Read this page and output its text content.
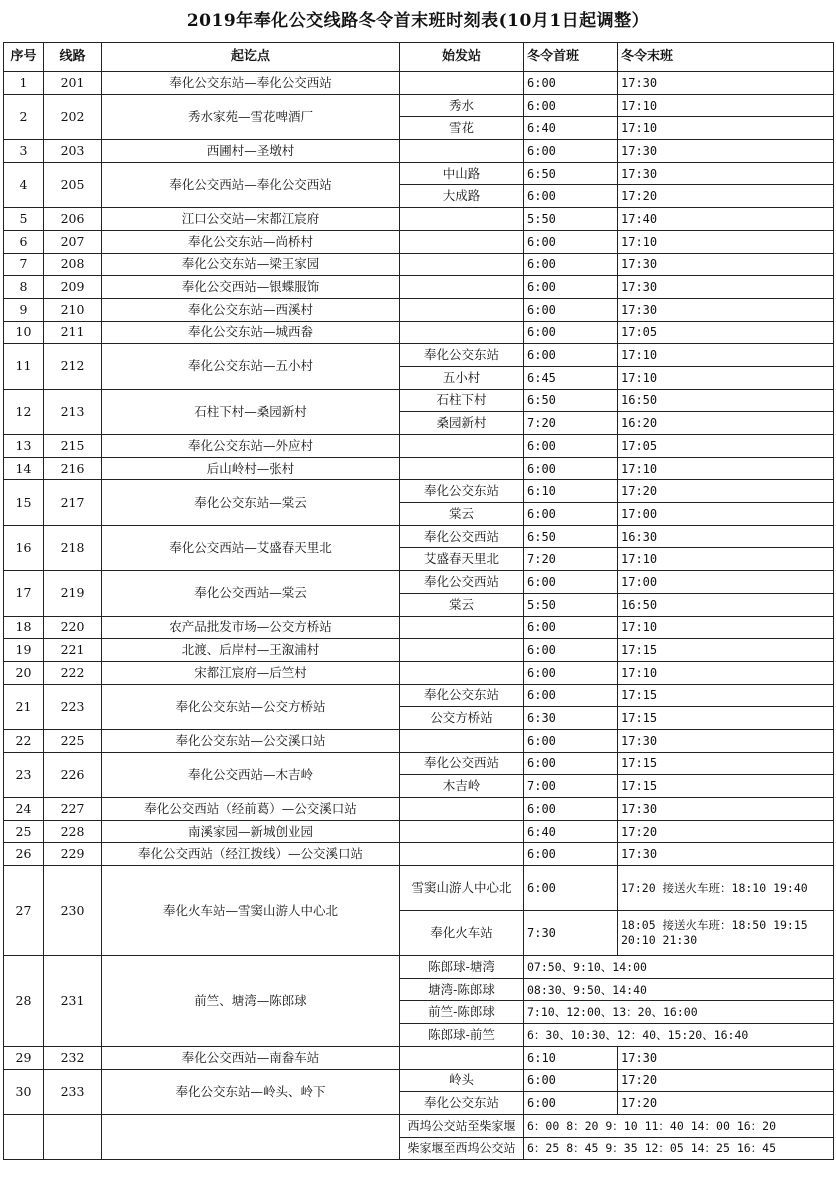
2019年奉化公交线路冬令首末班时刻表(10月1日起调整）
序号	线路	起讫点	始发站	冬令首班	冬令末班
1	201	奉化公交东站—奉化公交西站		6:00	17:30
2	202	秀水家苑—雪花啤酒厂	秀水	6:00	17:10
			雪花	6:40	17:10
3	203	西圃村—圣墩村		6:00	17:30
4	205	奉化公交西站—奉化公交西站	中山路	6:50	17:30
			大成路	6:00	17:20
5	206	江口公交站—宋都江宸府		5:50	17:40
6	207	奉化公交东站—尚桥村		6:00	17:10
7	208	奉化公交东站—梁王家园		6:00	17:30
8	209	奉化公交西站—银蝶服饰		6:00	17:30
9	210	奉化公交东站—西溪村		6:00	17:30
10	211	奉化公交东站—城西畚		6:00	17:05
11	212	奉化公交东站—五小村	奉化公交东站	6:00	17:10
			五小村	6:45	17:10
12	213	石柱下村—桑园新村	石柱下村	6:50	16:50
			桑园新村	7:20	16:20
13	215	奉化公交东站—外应村		6:00	17:05
14	216	后山岭村—张村		6:00	17:10
15	217	奉化公交东站—棠云	奉化公交东站	6:10	17:20
			棠云	6:00	17:00
16	218	奉化公交西站—艾盛春天里北	奉化公交西站	6:50	16:30
			艾盛春天里北	7:20	17:10
17	219	奉化公交西站—棠云	奉化公交西站	6:00	17:00
			棠云	5:50	16:50
18	220	农产品批发市场—公交方桥站		6:00	17:10
19	221	北渡、后岸村—王溆浦村		6:00	17:15
20	222	宋都江宸府—后竺村		6:00	17:10
21	223	奉化公交东站—公交方桥站	奉化公交东站	6:00	17:15
			公交方桥站	6:30	17:15
22	225	奉化公交东站—公交溪口站		6:00	17:30
23	226	奉化公交西站—木吉岭	奉化公交西站	6:00	17:15
			木吉岭	7:00	17:15
24	227	奉化公交西站（经前葛）—公交溪口站		6:00	17:30
25	228	南溪家园—新城创业园		6:40	17:20
26	229	奉化公交西站（经江拨线）—公交溪口站		6:00	17:30
27	230	奉化火车站—雪窦山游人中心北	雪窦山游人中心北	6:00	17:20 接送火车班：18:10 19:40
			奉化火车站	7:30	18:05 接送火车班：18:50 19:15 20:10 21:30
28	231	前竺、塘湾—陈郎球	陈郎球-塘湾	07:50、9:10、14:00	
			塘湾-陈郎球	08:30、9:50、14:40	
			前竺-陈郎球	7:10、12:00、13：20、16:00	
			陈郎球-前竺	6：30、10:30、12：40、15:20、16:40	
29	232	奉化公交西站—南畚车站		6:10	17:30
30	233	奉化公交东站—岭头、岭下	岭头	6:00	17:20
			奉化公交东站	6:00	17:20
			西坞公交站至柴家堰	6：00 8：20 9：10 11：40 14：00 16：20	
			柴家堰至西坞公交站	6：25 8：45 9：35 12：05 14：25 16：45	
